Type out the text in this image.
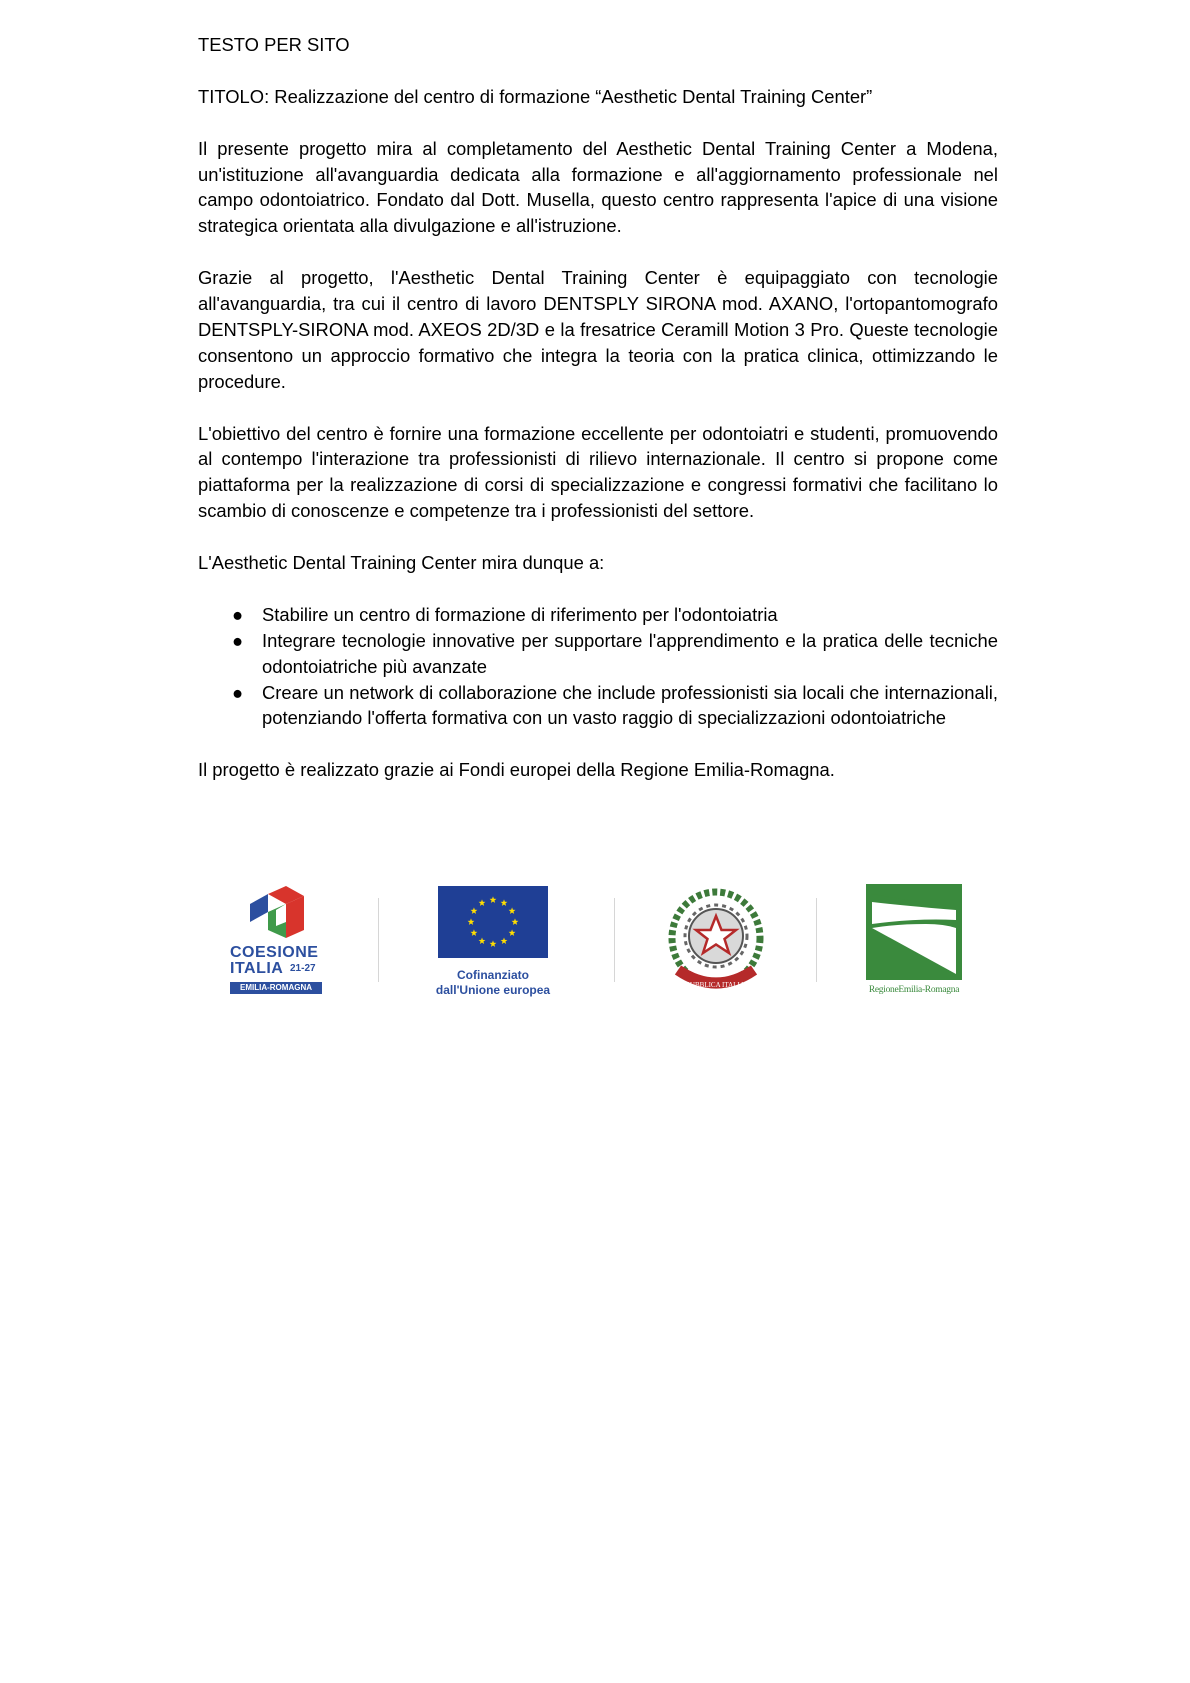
TESTO PER SITO

TITOLO: Realizzazione del centro di formazione “Aesthetic Dental Training Center”

Il presente progetto mira al completamento del Aesthetic Dental Training Center a Modena, un'istituzione all'avanguardia dedicata alla formazione e all'aggiornamento professionale nel campo odontoiatrico. Fondato dal Dott. Musella, questo centro rappresenta l'apice di una visione strategica orientata alla divulgazione e all'istruzione.

Grazie al progetto, l'Aesthetic Dental Training Center è equipaggiato con tecnologie all'avanguardia, tra cui il centro di lavoro DENTSPLY SIRONA mod. AXANO, l'ortopantomografo DENTSPLY-SIRONA mod. AXEOS 2D/3D e la fresatrice Ceramill Motion 3 Pro. Queste tecnologie consentono un approccio formativo che integra la teoria con la pratica clinica, ottimizzando le procedure.

L'obiettivo del centro è fornire una formazione eccellente per odontoiatri e studenti, promuovendo al contempo l'interazione tra professionisti di rilievo internazionale. Il centro si propone come piattaforma per la realizzazione di corsi di specializzazione e congressi formativi che facilitano lo scambio di conoscenze e competenze tra i professionisti del settore.

L'Aesthetic Dental Training Center mira dunque a:

● Stabilire un centro di formazione di riferimento per l'odontoiatria
● Integrare tecnologie innovative per supportare l'apprendimento e la pratica delle tecniche odontoiatriche più avanzate
● Creare un network di collaborazione che include professionisti sia locali che internazionali, potenziando l'offerta formativa con un vasto raggio di specializzazioni odontoiatriche

Il progetto è realizzato grazie ai Fondi europei della Regione Emilia-Romagna.

COESIONE
ITALIA 21-27
EMILIA-ROMAGNA
Cofinanziato
dall'Unione europea	REPUBBLICA ITALIANA	RegioneEmilia-Romagna
